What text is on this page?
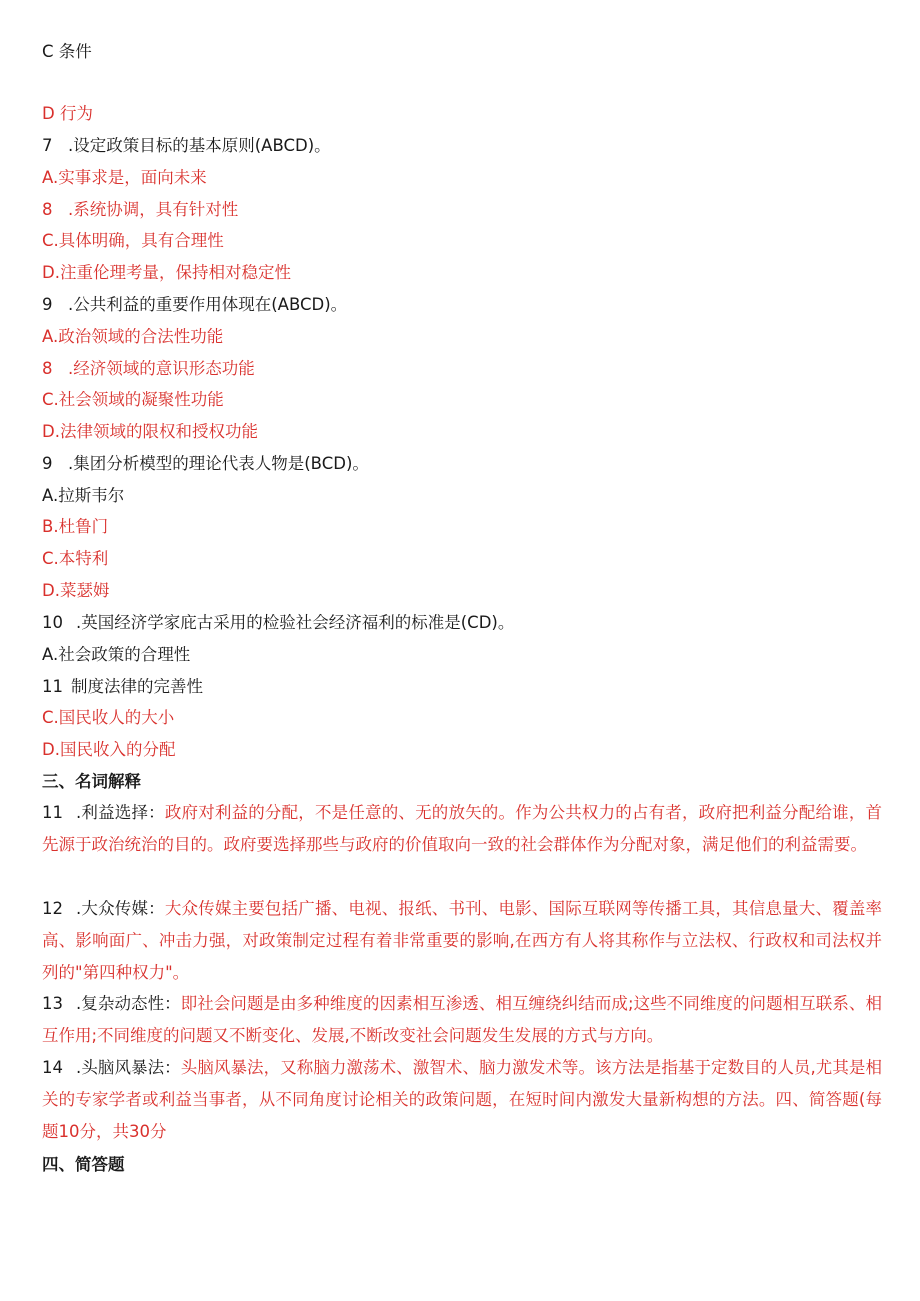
C 条件
D 行为
7 .设定政策目标的基本原则(ABCD)。
A.实事求是，面向未来
8 .系统协调，具有针对性
C.具体明确，具有合理性
D.注重伦理考量，保持相对稳定性
9 .公共利益的重要作用体现在(ABCD)。
A.政治领域的合法性功能
8 .经济领域的意识形态功能
C.社会领域的凝聚性功能
D.法律领域的限权和授权功能
9 .集团分析模型的理论代表人物是(BCD)。
A.拉斯韦尔
B.杜鲁门
C.本特利
D.菜瑟姆
10 .英国经济学家庇古采用的检验社会经济福利的标准是(CD)。
A.社会政策的合理性
11 制度法律的完善性
C.国民收人的大小
D.国民收入的分配
三、名词解释
11 .利益选择：政府对利益的分配，不是任意的、无的放矢的。作为公共权力的占有者，政府把利益分配给谁，首先源于政治统治的目的。政府要选择那些与政府的价值取向一致的社会群体作为分配对象，满足他们的利益需要。
12 .大众传媒：大众传媒主要包括广播、电视、报纸、书刊、电影、国际互联网等传播工具，其信息量大、覆盖率高、影响面广、冲击力强，对政策制定过程有着非常重要的影响,在西方有人将其称作与立法权、行政权和司法权并列的"第四种权力"。
13 .复杂动态性：即社会问题是由多种维度的因素相互渗透、相互缠绕纠结而成;这些不同维度的问题相互联系、相互作用;不同维度的问题又不断变化、发展,不断改变社会问题发生发展的方式与方向。
14 .头脑风暴法：头脑风暴法，又称脑力激荡术、激智术、脑力激发术等。该方法是指基于定数目的人员,尤其是相关的专家学者或利益当事者，从不同角度讨论相关的政策问题，在短时间内激发大量新构想的方法。四、简答题(每题10分，共30分
四、简答题
